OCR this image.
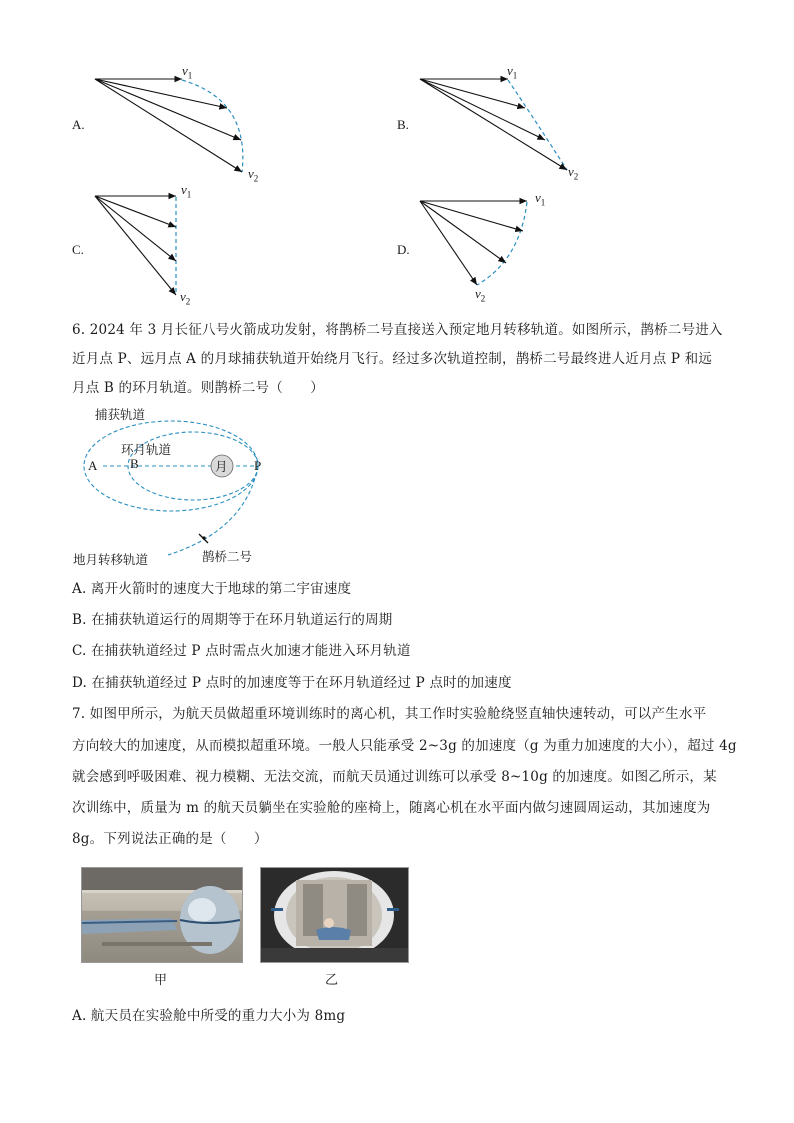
A.
$v_1$
$v_2$
B.
$v_1$
$v_2$
C.
$v_1$
$v_2$
D.
$v_1$
$v_2$
6. 2024 年 3 月长征八号火箭成功发射，将鹊桥二号直接送入预定地月转移轨道。如图所示，鹊桥二号进入
近月点 P、远月点 A 的月球捕获轨道开始绕月飞行。经过多次轨道控制，鹊桥二号最终进人近月点 P 和远
月点 B 的环月轨道。则鹊桥二号（　　）
捕获轨道
环月轨道
月
A	B	P
地月转移轨道	鹊桥二号
A. 离开火箭时的速度大于地球的第二宇宙速度
B. 在捕获轨道运行的周期等于在环月轨道运行的周期
C. 在捕获轨道经过 P 点时需点火加速才能进入环月轨道
D. 在捕获轨道经过 P 点时的加速度等于在环月轨道经过 P 点时的加速度
7. 如图甲所示，为航天员做超重环境训练时的离心机，其工作时实验舱绕竖直轴快速转动，可以产生水平
方向较大的加速度，从而模拟超重环境。一般人只能承受 2~3g 的加速度（g 为重力加速度的大小），超过 4g
就会感到呼吸困难、视力模糊、无法交流，而航天员通过训练可以承受 8~10g 的加速度。如图乙所示，某
次训练中，质量为 m 的航天员躺坐在实验舱的座椅上，随离心机在水平面内做匀速圆周运动，其加速度为
8g。下列说法正确的是（　　）
甲	乙
A. 航天员在实验舱中所受的重力大小为 8mg
